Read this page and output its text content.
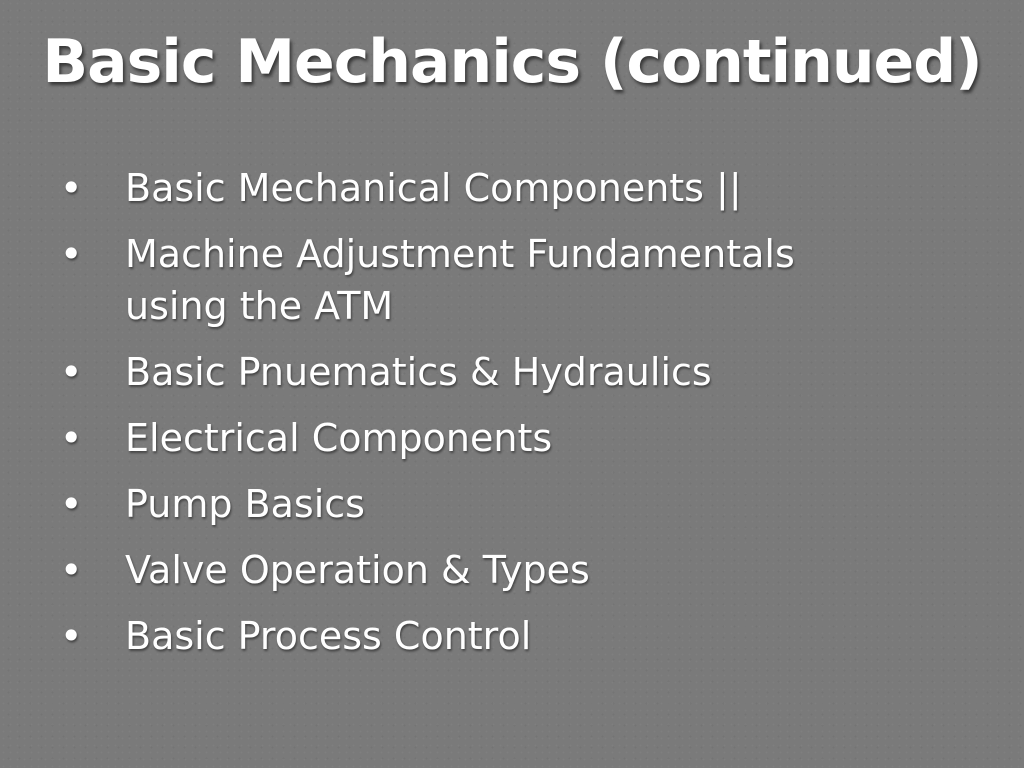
Basic Mechanics (continued)
• Basic Mechanical Components ||
• Machine Adjustment Fundamentals using the ATM
• Basic Pnuematics & Hydraulics
• Electrical Components
• Pump Basics
• Valve Operation & Types
• Basic Process Control
